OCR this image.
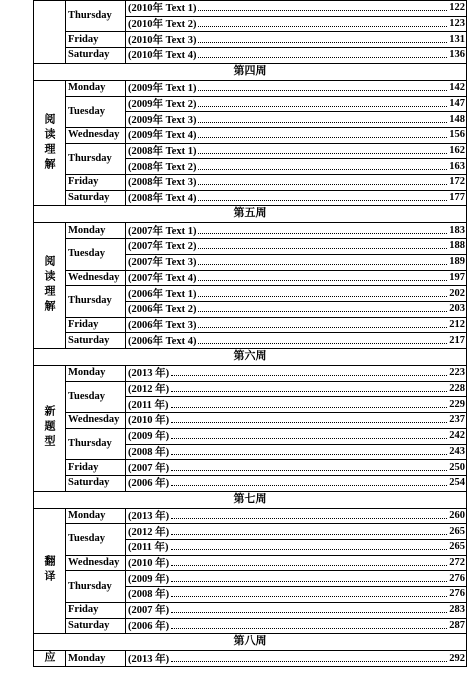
Thursday
(2010年 Text 1)	122
(2010年 Text 2)	123
Friday	(2010年 Text 3)	131
Saturday (2010年 Text 4)	136
第四周
阅读理解
Monday (2009年 Text 1)	142
Tuesday
(2009年 Text 2)	147
(2009年 Text 3)	148
Wednesday (2009年 Text 4)	156
Thursday
(2008年 Text 1)	162
(2008年 Text 2)	163
Friday	(2008年 Text 3)	172
Saturday (2008年 Text 4)	177
第五周
阅读理解
Monday (2007年 Text 1)	183
Tuesday
(2007年 Text 2)	188
(2007年 Text 3)	189
Wednesday (2007年 Text 4)	197
Thursday
(2006年 Text 1)	202
(2006年 Text 2)	203
Friday	(2006年 Text 3)	212
Saturday (2006年 Text 4)	217
第六周
新题型
Monday (2013 年)	223
Tuesday
(2012 年)	228
(2011 年)	229
Wednesday (2010 年)	237
Thursday
(2009 年)	242
(2008 年)	243
Friday	(2007 年)	250
Saturday (2006 年)	254
第七周
翻译
Monday (2013 年)	260
Tuesday
(2012 年)	265
(2011 年)	265
Wednesday (2010 年)	272
Thursday
(2009 年)	276
(2008 年)	276
Friday	(2007 年)	283
Saturday (2006 年)	287
第八周
应 Monday (2013 年)	292
